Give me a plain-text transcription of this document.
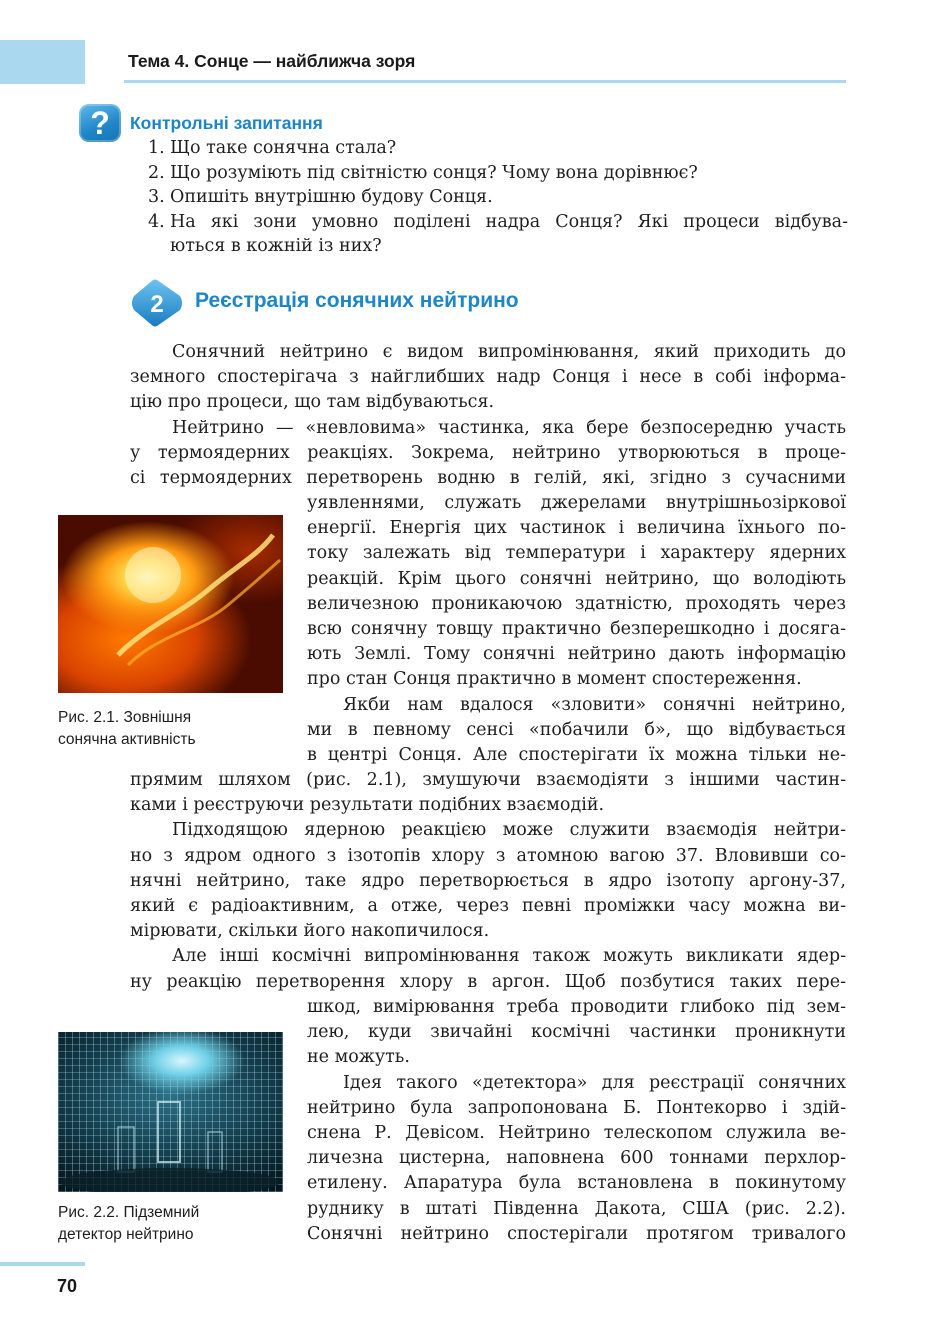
Тема 4. Сонце — найближча зоря
?	Контрольні запитання
1. Що таке сонячна стала?
2. Що розуміють під світністю сонця? Чому вона дорівнює?
3. Опишіть внутрішню будову Сонця.
4. На які зони умовно поділені надра Сонця? Які процеси відбува-
ються в кожній із них?
2 Реєстрація сонячних нейтрино
Сонячний нейтрино є видом випромінювання, який приходить до
земного спостерігача з найглибших надр Сонця і несе в собі інформа-
цію про процеси, що там відбуваються.
Нейтрино — «невловима» частинка, яка бере безпосередню участь
у термоядерних реакціях. Зокрема, нейтрино утворюються в проце-
сі термоядерних перетворень водню в гелій, які, згідно з сучасними
уявленнями, служать джерелами внутрішньозіркової
енергії. Енергія цих частинок і величина їхнього по-
току залежать від температури і характеру ядерних
реакцій. Крім цього сонячні нейтрино, що володіють
величезною проникаючою здатністю, проходять через
всю сонячну товщу практично безперешкодно і досяга-
ють Землі. Тому сонячні нейтрино дають інформацію
про стан Сонця практично в момент спостереження.
Якби нам вдалося «зловити» сонячні нейтрино,
ми в певному сенсі «побачили б», що відбувається
в центрі Сонця. Але спостерігати їх можна тільки не-
прямим шляхом (рис. 2.1), змушуючи взаємодіяти з іншими частин-
ками і реєструючи результати подібних взаємодій.
Підходящою ядерною реакцією може служити взаємодія нейтри-
но з ядром одного з ізотопів хлору з атомною вагою 37. Вловивши со-
нячні нейтрино, таке ядро перетворюється в ядро ізотопу аргону-37,
який є радіоактивним, а отже, через певні проміжки часу можна ви-
мірювати, скільки його накопичилося.
Але інші космічні випромінювання також можуть викликати ядер-
ну реакцію перетворення хлору в аргон. Щоб позбутися таких пере-
шкод, вимірювання треба проводити глибоко під зем-
лею, куди звичайні космічні частинки проникнути
не можуть.
Ідея такого «детектора» для реєстрації сонячних
нейтрино була запропонована Б. Понтекорво і здій-
снена Р. Девісом. Нейтрино телескопом служила ве-
личезна цистерна, наповнена 600 тоннами перхлор-
етилену. Апаратура була встановлена в покинутому
руднику в штаті Південна Дакота, США (рис. 2.2).
Сонячні нейтрино спостерігали протягом тривалого
Рис. 2.1. Зовнішня
сонячна активність
Рис. 2.2. Підземний
детектор нейтрино
70
